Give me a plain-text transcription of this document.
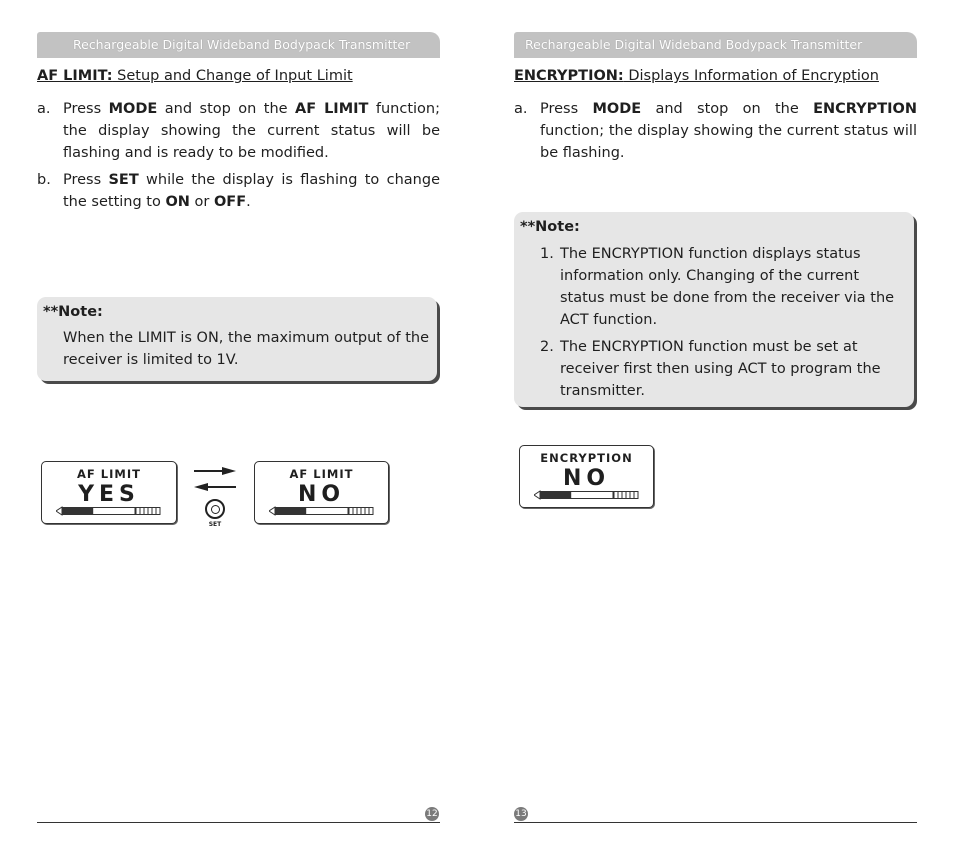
Rechargeable Digital Wideband Bodypack Transmitter
AF LIMIT: Setup and Change of Input Limit
a. Press MODE and stop on the AF LIMIT function; the display showing the current status will be flashing and is ready to be modified.
b. Press SET while the display is flashing to change the setting to ON or OFF.
**Note:
When the LIMIT is ON, the maximum output of the receiver is limited to 1V.
AF LIMIT
YES
SET
AF LIMIT
NO
12
Rechargeable Digital Wideband Bodypack Transmitter
ENCRYPTION: Displays Information of Encryption
a. Press MODE and stop on the ENCRYPTION function; the display showing the current status will be flashing.
**Note:
1. The ENCRYPTION function displays status information only. Changing of the current status must be done from the receiver via the ACT function.
2. The ENCRYPTION function must be set at receiver first then using ACT to program the transmitter.
ENCRYPTION
NO
13
